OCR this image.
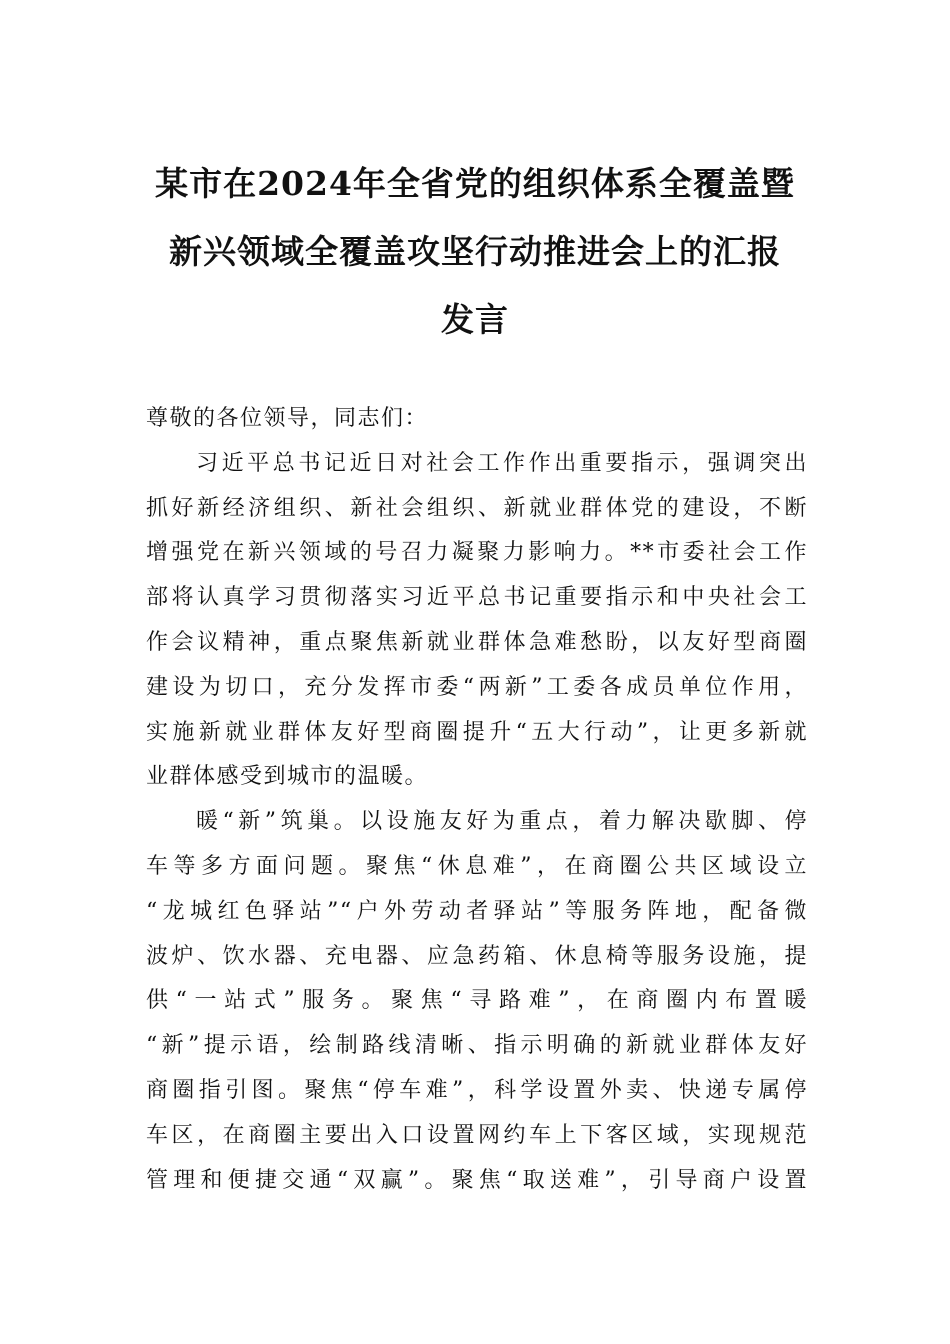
某市在2024年全省党的组织体系全覆盖暨
新兴领域全覆盖攻坚行动推进会上的汇报
发言

尊敬的各位领导，同志们：

习近平总书记近日对社会工作作出重要指示，强调突出
抓好新经济组织、新社会组织、新就业群体党的建设，不断
增强党在新兴领域的号召力凝聚力影响力。**市委社会工作
部将认真学习贯彻落实习近平总书记重要指示和中央社会工
作会议精神，重点聚焦新就业群体急难愁盼，以友好型商圈
建设为切口，充分发挥市委“两新”工委各成员单位作用，
实施新就业群体友好型商圈提升“五大行动”，让更多新就
业群体感受到城市的温暖。

暖“新”筑巢。以设施友好为重点，着力解决歇脚、停
车等多方面问题。聚焦“休息难”，在商圈公共区域设立
“龙城红色驿站”“户外劳动者驿站”等服务阵地，配备微
波炉、饮水器、充电器、应急药箱、休息椅等服务设施，提
供“一站式”服务。聚焦“寻路难”，在商圈内布置暖
“新”提示语，绘制路线清晰、指示明确的新就业群体友好
商圈指引图。聚焦“停车难”，科学设置外卖、快递专属停
车区，在商圈主要出入口设置网约车上下客区域，实现规范
管理和便捷交通“双赢”。聚焦“取送难”，引导商户设置
